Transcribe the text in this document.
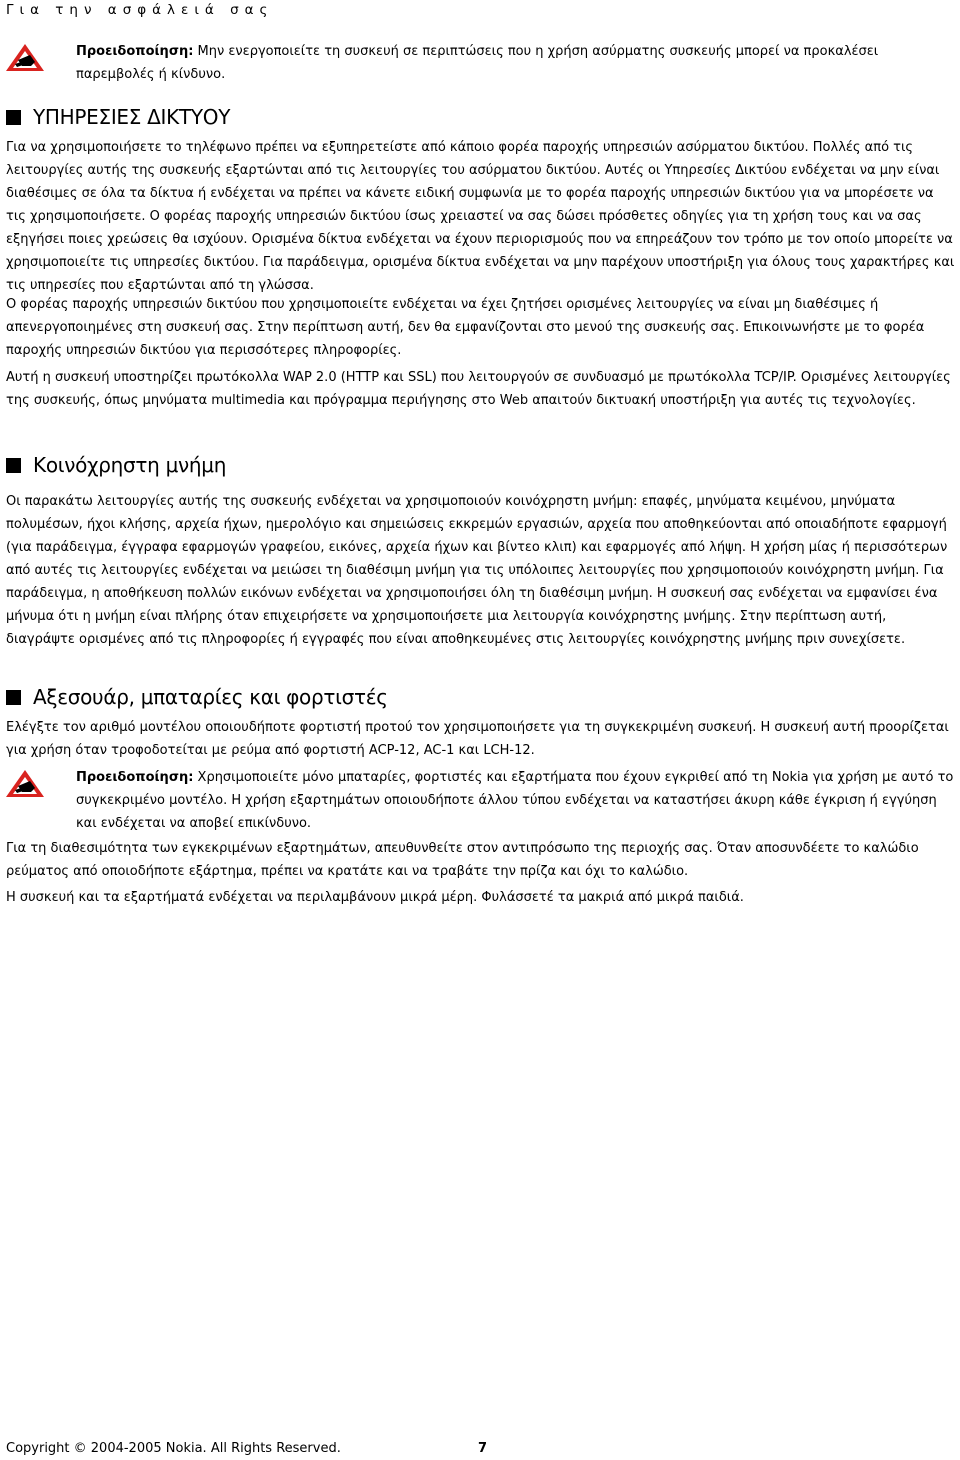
Για την ασφάλειά σας
Προειδοποίηση: Μην ενεργοποιείτε τη συσκευή σε περιπτώσεις που η χρήση ασύρματης συσκευής μπορεί να προκαλέσει παρεμβολές ή κίνδυνο.
ΥΠΗΡΕΣΙΕΣ ΔΙΚΤΥΟΥ

Για να χρησιμοποιήσετε το τηλέφωνο πρέπει να εξυπηρετείστε από κάποιο φορέα παροχής υπηρεσιών ασύρματου δικτύου. Πολλές από τις λειτουργίες αυτής της συσκευής εξαρτώνται από τις λειτουργίες του ασύρματου δικτύου. Αυτές οι Υπηρεσίες Δικτύου ενδέχεται να μην είναι διαθέσιμες σε όλα τα δίκτυα ή ενδέχεται να πρέπει να κάνετε ειδική συμφωνία με το φορέα παροχής υπηρεσιών δικτύου για να μπορέσετε να τις χρησιμοποιήσετε. Ο φορέας παροχής υπηρεσιών δικτύου ίσως χρειαστεί να σας δώσει πρόσθετες οδηγίες για τη χρήση τους και να σας εξηγήσει ποιες χρεώσεις θα ισχύουν. Ορισμένα δίκτυα ενδέχεται να έχουν περιορισμούς που να επηρεάζουν τον τρόπο με τον οποίο μπορείτε να χρησιμοποιείτε τις υπηρεσίες δικτύου. Για παράδειγμα, ορισμένα δίκτυα ενδέχεται να μην παρέχουν υποστήριξη για όλους τους χαρακτήρες και τις υπηρεσίες που εξαρτώνται από τη γλώσσα.

Ο φορέας παροχής υπηρεσιών δικτύου που χρησιμοποιείτε ενδέχεται να έχει ζητήσει ορισμένες λειτουργίες να είναι μη διαθέσιμες ή απενεργοποιημένες στη συσκευή σας. Στην περίπτωση αυτή, δεν θα εμφανίζονται στο μενού της συσκευής σας. Επικοινωνήστε με το φορέα παροχής υπηρεσιών δικτύου για περισσότερες πληροφορίες.

Αυτή η συσκευή υποστηρίζει πρωτόκολλα WAP 2.0 (HTTP και SSL) που λειτουργούν σε συνδυασμό με πρωτόκολλα TCP/IP. Ορισμένες λειτουργίες της συσκευής, όπως μηνύματα multimedia και πρόγραμμα περιήγησης στο Web απαιτούν δικτυακή υποστήριξη για αυτές τις τεχνολογίες.

Κοινόχρηστη μνήμη

Οι παρακάτω λειτουργίες αυτής της συσκευής ενδέχεται να χρησιμοποιούν κοινόχρηστη μνήμη: επαφές, μηνύματα κειμένου, μηνύματα πολυμέσων, ήχοι κλήσης, αρχεία ήχων, ημερολόγιο και σημειώσεις εκκρεμών εργασιών, αρχεία που αποθηκεύονται από οποιαδήποτε εφαρμογή (για παράδειγμα, έγγραφα εφαρμογών γραφείου, εικόνες, αρχεία ήχων και βίντεο κλιπ) και εφαρμογές από λήψη. Η χρήση μίας ή περισσότερων από αυτές τις λειτουργίες ενδέχεται να μειώσει τη διαθέσιμη μνήμη για τις υπόλοιπες λειτουργίες που χρησιμοποιούν κοινόχρηστη μνήμη. Για παράδειγμα, η αποθήκευση πολλών εικόνων ενδέχεται να χρησιμοποιήσει όλη τη διαθέσιμη μνήμη. Η συσκευή σας ενδέχεται να εμφανίσει ένα μήνυμα ότι η μνήμη είναι πλήρης όταν επιχειρήσετε να χρησιμοποιήσετε μια λειτουργία κοινόχρηστης μνήμης. Στην περίπτωση αυτή, διαγράψτε ορισμένες από τις πληροφορίες ή εγγραφές που είναι αποθηκευμένες στις λειτουργίες κοινόχρηστης μνήμης πριν συνεχίσετε.

Αξεσουάρ, μπαταρίες και φορτιστές

Ελέγξτε τον αριθμό μοντέλου οποιουδήποτε φορτιστή προτού τον χρησιμοποιήσετε για τη συγκεκριμένη συσκευή. Η συσκευή αυτή προορίζεται για χρήση όταν τροφοδοτείται με ρεύμα από φορτιστή ACP-12, AC-1 και LCH-12.

Προειδοποίηση: Χρησιμοποιείτε μόνο μπαταρίες, φορτιστές και εξαρτήματα που έχουν εγκριθεί από τη Nokia για χρήση με αυτό το συγκεκριμένο μοντέλο. Η χρήση εξαρτημάτων οποιουδήποτε άλλου τύπου ενδέχεται να καταστήσει άκυρη κάθε έγκριση ή εγγύηση και ενδέχεται να αποβεί επικίνδυνο.

Για τη διαθεσιμότητα των εγκεκριμένων εξαρτημάτων, απευθυνθείτε στον αντιπρόσωπο της περιοχής σας. Όταν αποσυνδέετε το καλώδιο ρεύματος από οποιοδήποτε εξάρτημα, πρέπει να κρατάτε και να τραβάτε την πρίζα και όχι το καλώδιο.

Η συσκευή και τα εξαρτήματά ενδέχεται να περιλαμβάνουν μικρά μέρη. Φυλάσσετέ τα μακριά από μικρά παιδιά.

Copyright © 2004-2005 Nokia. All Rights Reserved.	7
